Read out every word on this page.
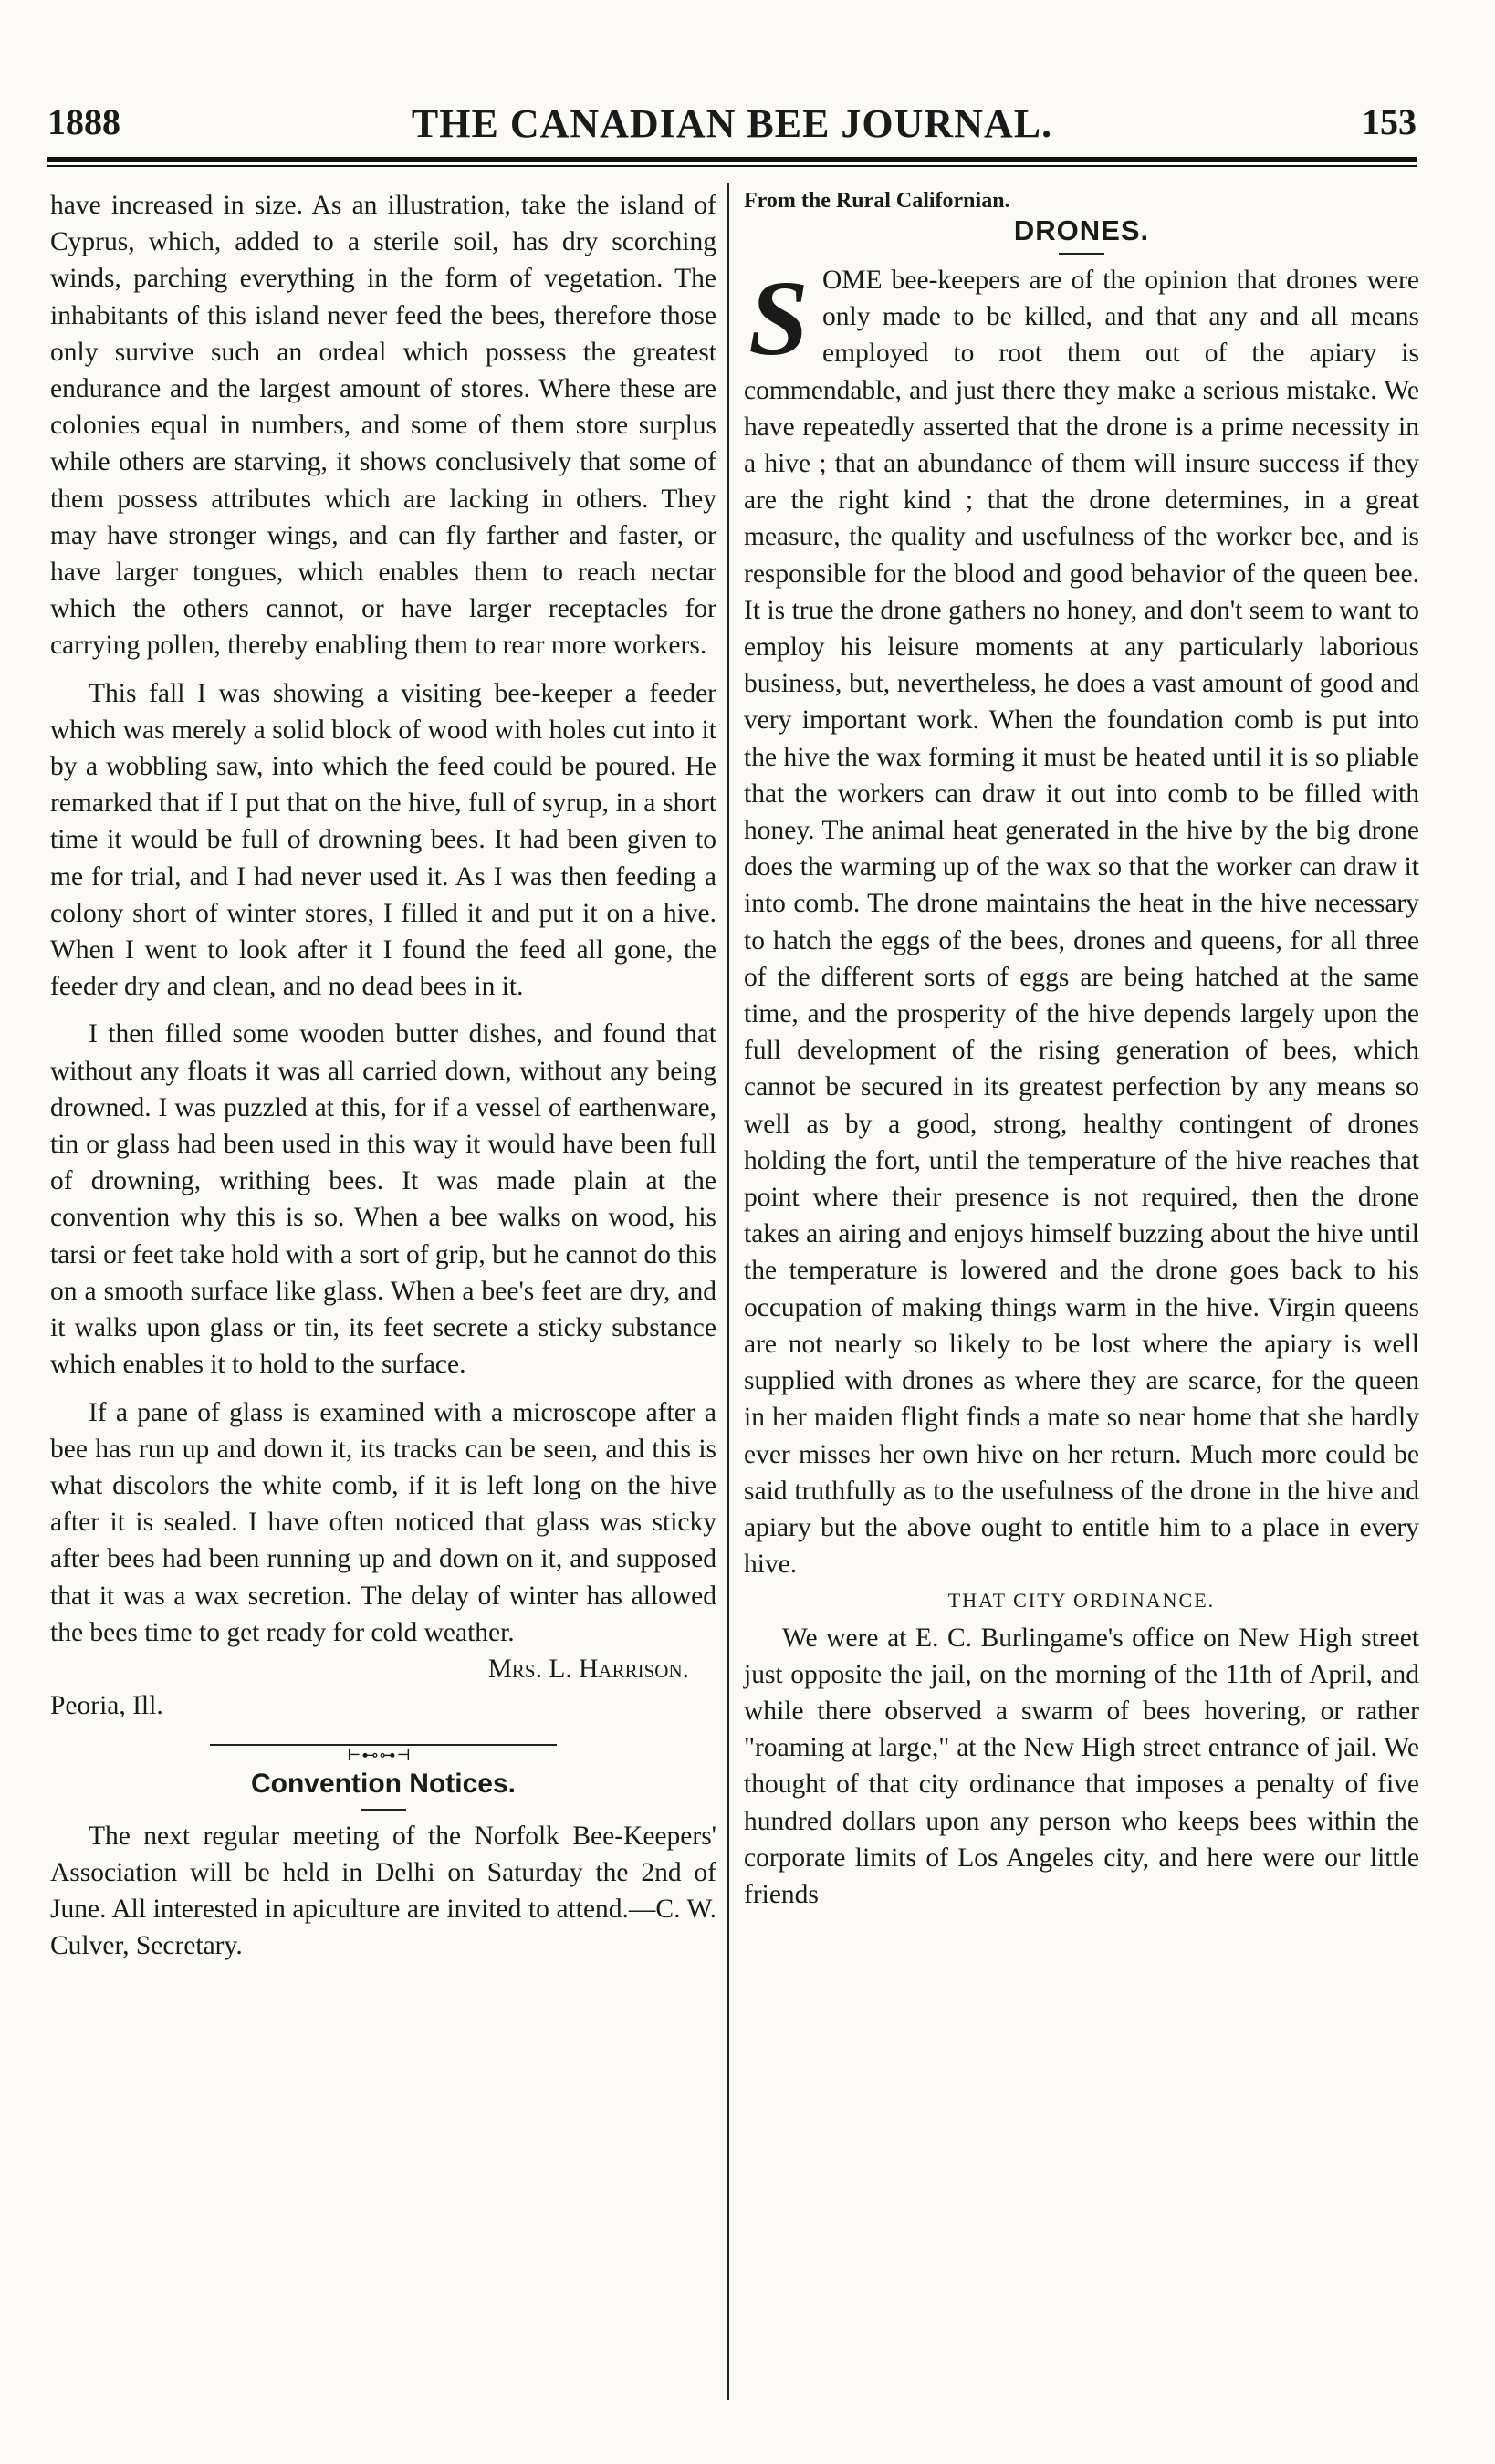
1888	THE CANADIAN BEE JOURNAL.	153

have increased in size. As an illustration, take the island of Cyprus, which, added to a sterile soil, has dry scorching winds, parching everything in the form of vegetation. The inhabitants of this island never feed the bees, therefore those only survive such an ordeal which possess the greatest endurance and the largest amount of stores. Where these are colonies equal in numbers, and some of them store surplus while others are starving, it shows conclusively that some of them possess attributes which are lacking in others. They may have stronger wings, and can fly farther and faster, or have larger tongues, which enables them to reach nectar which the others cannot, or have larger receptacles for carrying pollen, thereby enabling them to rear more workers.

This fall I was showing a visiting bee-keeper a feeder which was merely a solid block of wood with holes cut into it by a wobbling saw, into which the feed could be poured. He remarked that if I put that on the hive, full of syrup, in a short time it would be full of drowning bees. It had been given to me for trial, and I had never used it. As I was then feeding a colony short of winter stores, I filled it and put it on a hive. When I went to look after it I found the feed all gone, the feeder dry and clean, and no dead bees in it.

I then filled some wooden butter dishes, and found that without any floats it was all carried down, without any being drowned. I was puzzled at this, for if a vessel of earthenware, tin or glass had been used in this way it would have been full of drowning, writhing bees. It was made plain at the convention why this is so. When a bee walks on wood, his tarsi or feet take hold with a sort of grip, but he cannot do this on a smooth surface like glass. When a bee's feet are dry, and it walks upon glass or tin, its feet secrete a sticky substance which enables it to hold to the surface.

If a pane of glass is examined with a microscope after a bee has run up and down it, its tracks can be seen, and this is what discolors the white comb, if it is left long on the hive after it is sealed. I have often noticed that glass was sticky after bees had been running up and down on it, and supposed that it was a wax secretion. The delay of winter has allowed the bees time to get ready for cold weather.

Mrs. L. Harrison.

Peoria, Ill.

⊢⊷⊶⊣

Convention Notices.

The next regular meeting of the Norfolk Bee-Keepers' Association will be held in Delhi on Saturday the 2nd of June. All interested in apiculture are invited to attend.—C. W. Culver, Secretary.

From the Rural Californian.

DRONES.

SOME bee-keepers are of the opinion that drones were only made to be killed, and that any and all means employed to root them out of the apiary is commendable, and just there they make a serious mistake. We have repeatedly asserted that the drone is a prime necessity in a hive ; that an abundance of them will insure success if they are the right kind ; that the drone determines, in a great measure, the quality and usefulness of the worker bee, and is responsible for the blood and good behavior of the queen bee. It is true the drone gathers no honey, and don't seem to want to employ his leisure moments at any particularly laborious business, but, nevertheless, he does a vast amount of good and very important work. When the foundation comb is put into the hive the wax forming it must be heated until it is so pliable that the workers can draw it out into comb to be filled with honey. The animal heat generated in the hive by the big drone does the warming up of the wax so that the worker can draw it into comb. The drone maintains the heat in the hive necessary to hatch the eggs of the bees, drones and queens, for all three of the different sorts of eggs are being hatched at the same time, and the prosperity of the hive depends largely upon the full development of the rising generation of bees, which cannot be secured in its greatest perfection by any means so well as by a good, strong, healthy contingent of drones holding the fort, until the temperature of the hive reaches that point where their presence is not required, then the drone takes an airing and enjoys himself buzzing about the hive until the temperature is lowered and the drone goes back to his occupation of making things warm in the hive. Virgin queens are not nearly so likely to be lost where the apiary is well supplied with drones as where they are scarce, for the queen in her maiden flight finds a mate so near home that she hardly ever misses her own hive on her return. Much more could be said truthfully as to the usefulness of the drone in the hive and apiary but the above ought to entitle him to a place in every hive.

THAT CITY ORDINANCE.

We were at E. C. Burlingame's office on New High street just opposite the jail, on the morning of the 11th of April, and while there observed a swarm of bees hovering, or rather "roaming at large," at the New High street entrance of jail. We thought of that city ordinance that imposes a penalty of five hundred dollars upon any person who keeps bees within the corporate limits of Los Angeles city, and here were our little friends
